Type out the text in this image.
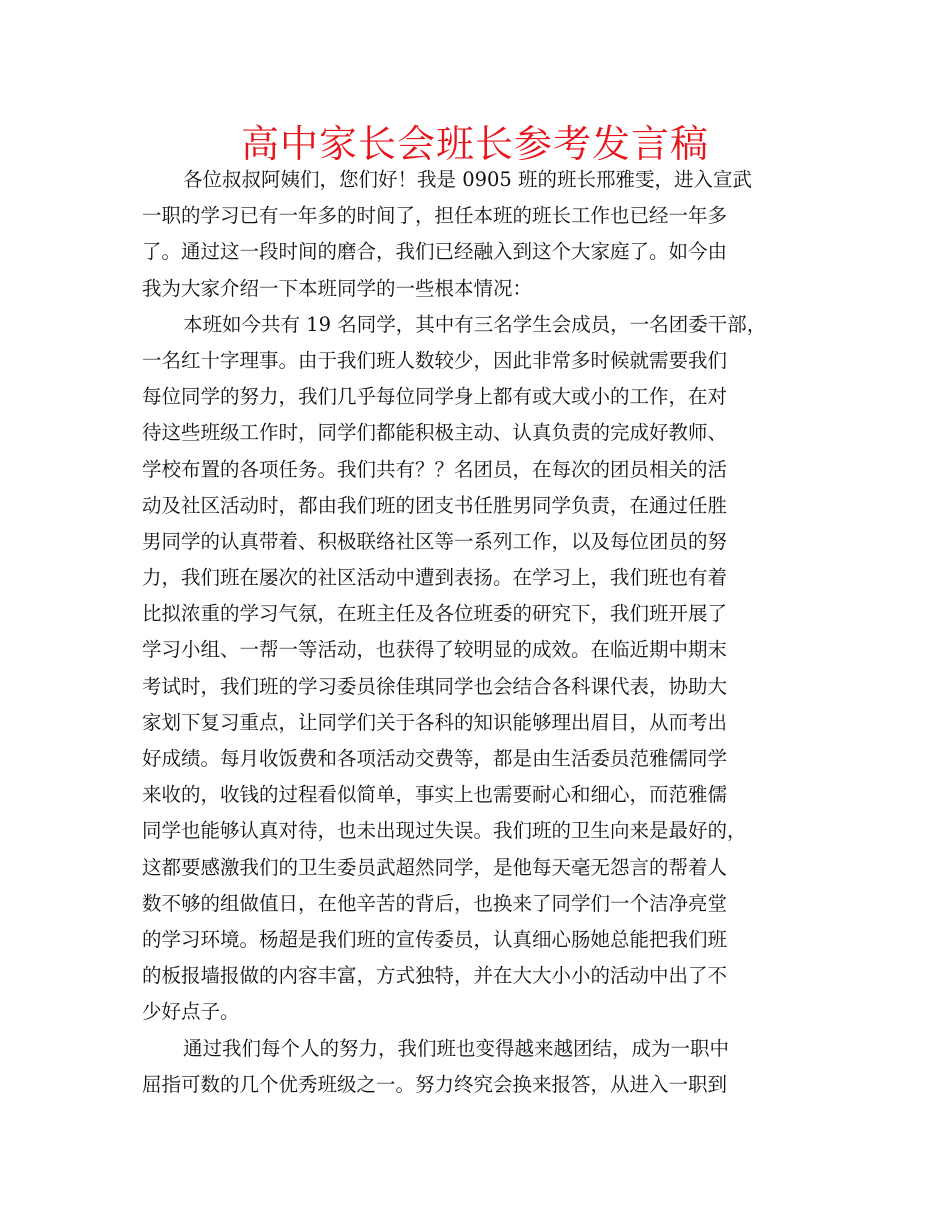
高中家长会班长参考发言稿
各位叔叔阿姨们，您们好！我是 0905 班的班长邢雅雯，进入宣武
一职的学习已有一年多的时间了，担任本班的班长工作也已经一年多
了。通过这一段时间的磨合，我们已经融入到这个大家庭了。如今由
我为大家介绍一下本班同学的一些根本情况：
本班如今共有 19 名同学，其中有三名学生会成员，一名团委干部，
一名红十字理事。由于我们班人数较少，因此非常多时候就需要我们
每位同学的努力，我们几乎每位同学身上都有或大或小的工作，在对
待这些班级工作时，同学们都能积极主动、认真负责的完成好教师、
学校布置的各项任务。我们共有？？名团员，在每次的团员相关的活
动及社区活动时，都由我们班的团支书任胜男同学负责，在通过任胜
男同学的认真带着、积极联络社区等一系列工作，以及每位团员的努
力，我们班在屡次的社区活动中遭到表扬。在学习上，我们班也有着
比拟浓重的学习气氛，在班主任及各位班委的研究下，我们班开展了
学习小组、一帮一等活动，也获得了较明显的成效。在临近期中期末
考试时，我们班的学习委员徐佳琪同学也会结合各科课代表，协助大
家划下复习重点，让同学们关于各科的知识能够理出眉目，从而考出
好成绩。每月收饭费和各项活动交费等，都是由生活委员范雅儒同学
来收的，收钱的过程看似简单，事实上也需要耐心和细心，而范雅儒
同学也能够认真对待，也未出现过失误。我们班的卫生向来是最好的，
这都要感激我们的卫生委员武超然同学，是他每天毫无怨言的帮着人
数不够的组做值日，在他辛苦的背后，也换来了同学们一个洁净亮堂
的学习环境。杨超是我们班的宣传委员，认真细心肠她总能把我们班
的板报墙报做的内容丰富，方式独特，并在大大小小的活动中出了不
少好点子。
通过我们每个人的努力，我们班也变得越来越团结，成为一职中
屈指可数的几个优秀班级之一。努力终究会换来报答，从进入一职到
